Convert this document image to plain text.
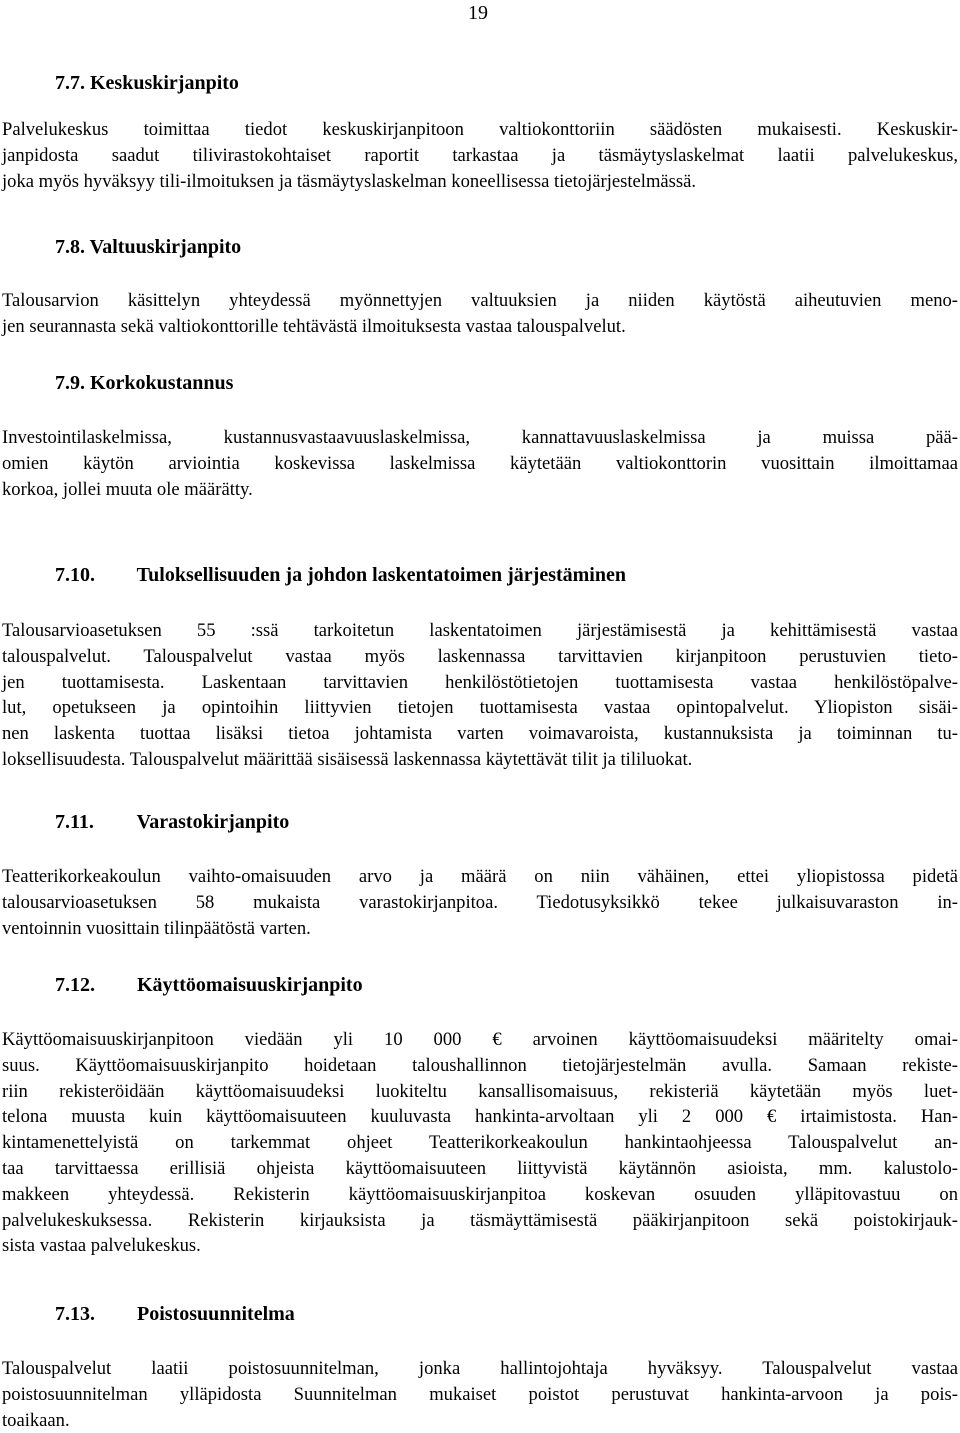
19
7.7. Keskuskirjanpito
Palvelukeskus toimittaa tiedot keskuskirjanpitoon valtiokonttoriin säädösten mukaisesti. Keskuskir-
janpidosta saadut tilivirastokohtaiset raportit tarkastaa ja täsmäytyslaskelmat laatii palvelukeskus,
joka myös hyväksyy tili-ilmoituksen ja täsmäytyslaskelman koneellisessa tietojärjestelmässä.
7.8. Valtuuskirjanpito
Talousarvion käsittelyn yhteydessä myönnettyjen valtuuksien ja niiden käytöstä aiheutuvien meno-
jen seurannasta sekä valtiokonttorille tehtävästä ilmoituksesta vastaa talouspalvelut.
7.9. Korkokustannus
Investointilaskelmissa, kustannusvastaavuuslaskelmissa, kannattavuuslaskelmissa ja muissa pää-
omien käytön arviointia koskevissa laskelmissa käytetään valtiokonttorin vuosittain ilmoittamaa
korkoa, jollei muuta ole määrätty.
7.10. Tuloksellisuuden ja johdon laskentatoimen järjestäminen
Talousarvioasetuksen 55 :ssä tarkoitetun laskentatoimen järjestämisestä ja kehittämisestä vastaa
talouspalvelut. Talouspalvelut vastaa myös laskennassa tarvittavien kirjanpitoon perustuvien tieto-
jen tuottamisesta. Laskentaan tarvittavien henkilöstötietojen tuottamisesta vastaa henkilöstöpalve-
lut, opetukseen ja opintoihin liittyvien tietojen tuottamisesta vastaa opintopalvelut. Yliopiston sisäi-
nen laskenta tuottaa lisäksi tietoa johtamista varten voimavaroista, kustannuksista ja toiminnan tu-
loksellisuudesta. Talouspalvelut määrittää sisäisessä laskennassa käytettävät tilit ja tililuokat.
7.11. Varastokirjanpito
Teatterikorkeakoulun vaihto-omaisuuden arvo ja määrä on niin vähäinen, ettei yliopistossa pidetä
talousarvioasetuksen 58 mukaista varastokirjanpitoa. Tiedotusyksikkö tekee julkaisuvaraston in-
ventoinnin vuosittain tilinpäätöstä varten.
7.12. Käyttöomaisuuskirjanpito
Käyttöomaisuuskirjanpitoon viedään yli 10 000 € arvoinen käyttöomaisuudeksi määritelty omai-
suus. Käyttöomaisuuskirjanpito hoidetaan taloushallinnon tietojärjestelmän avulla. Samaan rekiste-
riin rekisteröidään käyttöomaisuudeksi luokiteltu kansallisomaisuus, rekisteriä käytetään myös luet-
telona muusta kuin käyttöomaisuuteen kuuluvasta hankinta-arvoltaan yli 2 000 € irtaimistosta. Han-
kintamenettelyistä on tarkemmat ohjeet Teatterikorkeakoulun hankintaohjeessa Talouspalvelut an-
taa tarvittaessa erillisiä ohjeista käyttöomaisuuteen liittyvistä käytännön asioista, mm. kalustolo-
makkeen yhteydessä. Rekisterin käyttöomaisuuskirjanpitoa koskevan osuuden ylläpitovastuu on
palvelukeskuksessa. Rekisterin kirjauksista ja täsmäyttämisestä pääkirjanpitoon sekä poistokirjauk-
sista vastaa palvelukeskus.
7.13. Poistosuunnitelma
Talouspalvelut laatii poistosuunnitelman, jonka hallintojohtaja hyväksyy. Talouspalvelut vastaa
poistosuunnitelman ylläpidosta Suunnitelman mukaiset poistot perustuvat hankinta-arvoon ja pois-
toaikaan.
